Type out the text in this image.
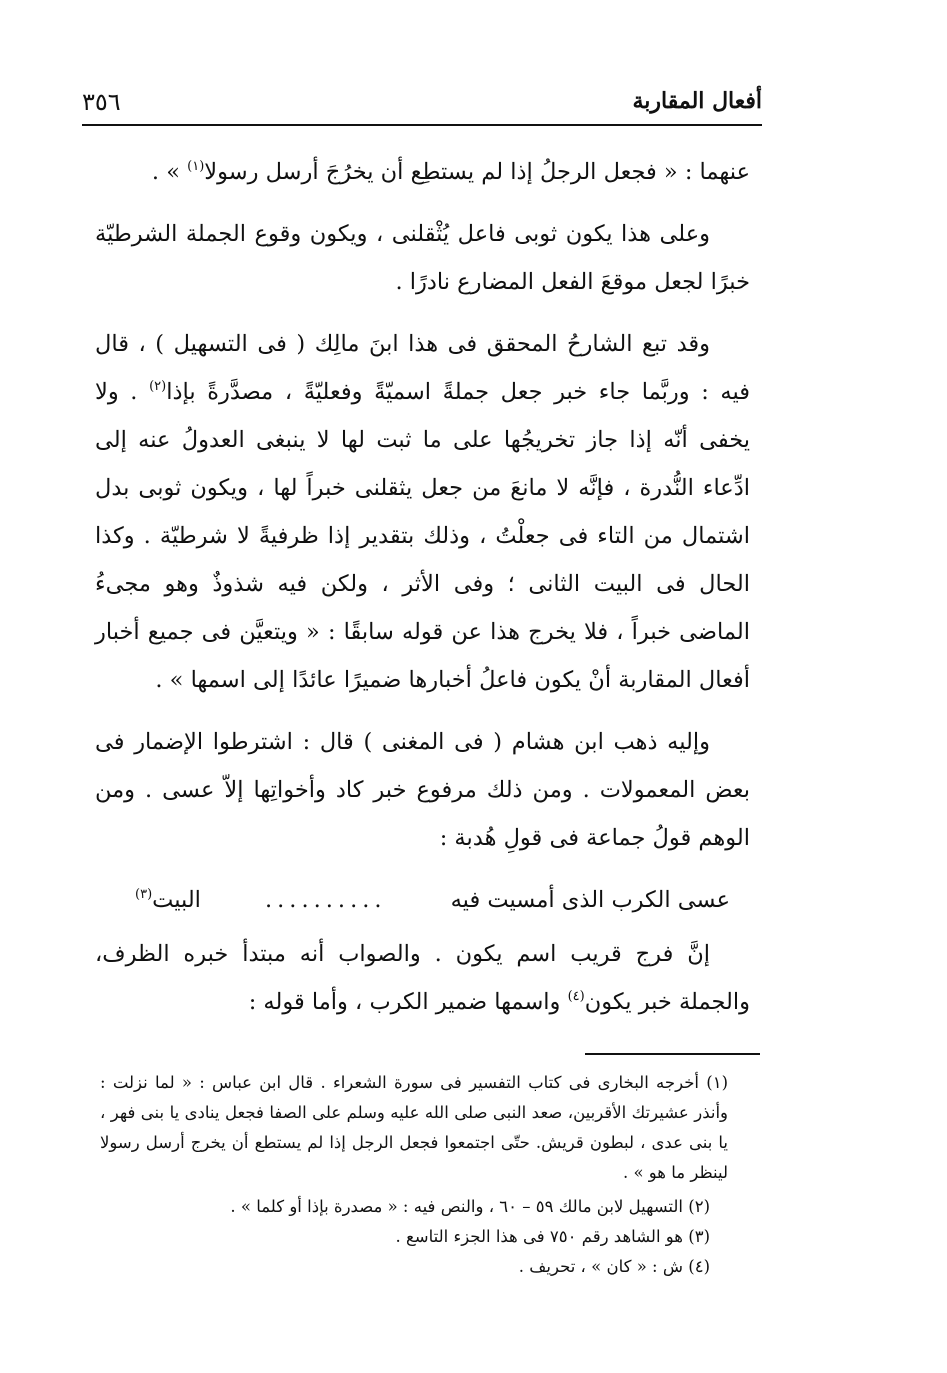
أفعال المقاربة
٣٥٦

عنهما : « فجعل الرجلُ إذا لم يستطِع أن يخرُجَ أرسل رسولا$^{(١)}$ » .

وعلى هذا يكون ثوبى فاعل يُثْقلنى ، ويكون وقوع الجملة الشرطيّة خبرًا لجعل موقعَ الفعل المضارع نادرًا .

وقد تبع الشارحُ المحقق فى هذا ابنَ مالِك ( فى التسهيل ) ، قال فيه : وربَّما جاء خبر جعل جملةً اسميّةً وفعليّةً ، مصدَّرةً بإذا$^{(٢)}$ . ولا يخفى أنّه إذا جاز تخريجُها على ما ثبت لها لا ينبغى العدولُ عنه إلى ادِّعاء النُّدرة ، فإنَّه لا مانعَ من جعل يثقلنى خبراً لها ، ويكون ثوبى بدل اشتمال من التاء فى جعلْتُ ، وذلك بتقدير إذا ظرفيةً لا شرطيّة . وكذا الحال فى البيت الثانى ؛ وفى الأثر ، ولكن فيه شذوذٌ وهو مجىءُ الماضى خبراً ، فلا يخرج هذا عن قوله سابقًا : « ويتعيَّن فى جميع أخبار أفعال المقاربة أنْ يكون فاعلُ أخبارها ضميرًا عائدًا إلى اسمها » .

وإليه ذهب ابن هشام ( فى المغنى ) قال : اشترطوا الإضمار فى بعض المعمولات . ومن ذلك مرفوع خبر كاد وأخواتِها إلاّ عسى . ومن الوهم قولُ جماعة فى قولِ هُدبة :

عسى الكرب الذى أمسيت فيه
..........
البيت$^{(٣)}$

إنَّ فرج قريب اسم يكون . والصواب أنه مبتدأ خبره الظرف، والجملة خبر يكون$^{(٤)}$ واسمها ضمير الكرب ، وأما قوله :

(١) أخرجه البخارى فى كتاب التفسير فى سورة الشعراء . قال ابن عباس : « لما نزلت : وأنذر عشيرتك الأقربين، صعد النبى صلى الله عليه وسلم على الصفا فجعل ينادى يا بنى فهر ، يا بنى عدى ، لبطون قريش. حتّى اجتمعوا فجعل الرجل إذا لم يستطع أن يخرج أرسل رسولا لينظر ما هو » .

(٢) التسهيل لابن مالك ٥٩ – ٦٠ ، والنص فيه : « مصدرة بإذا أو كلما » .

(٣) هو الشاهد رقم ٧٥٠ فى هذا الجزء التاسع .

(٤) ش : « كان » ، تحريف .
